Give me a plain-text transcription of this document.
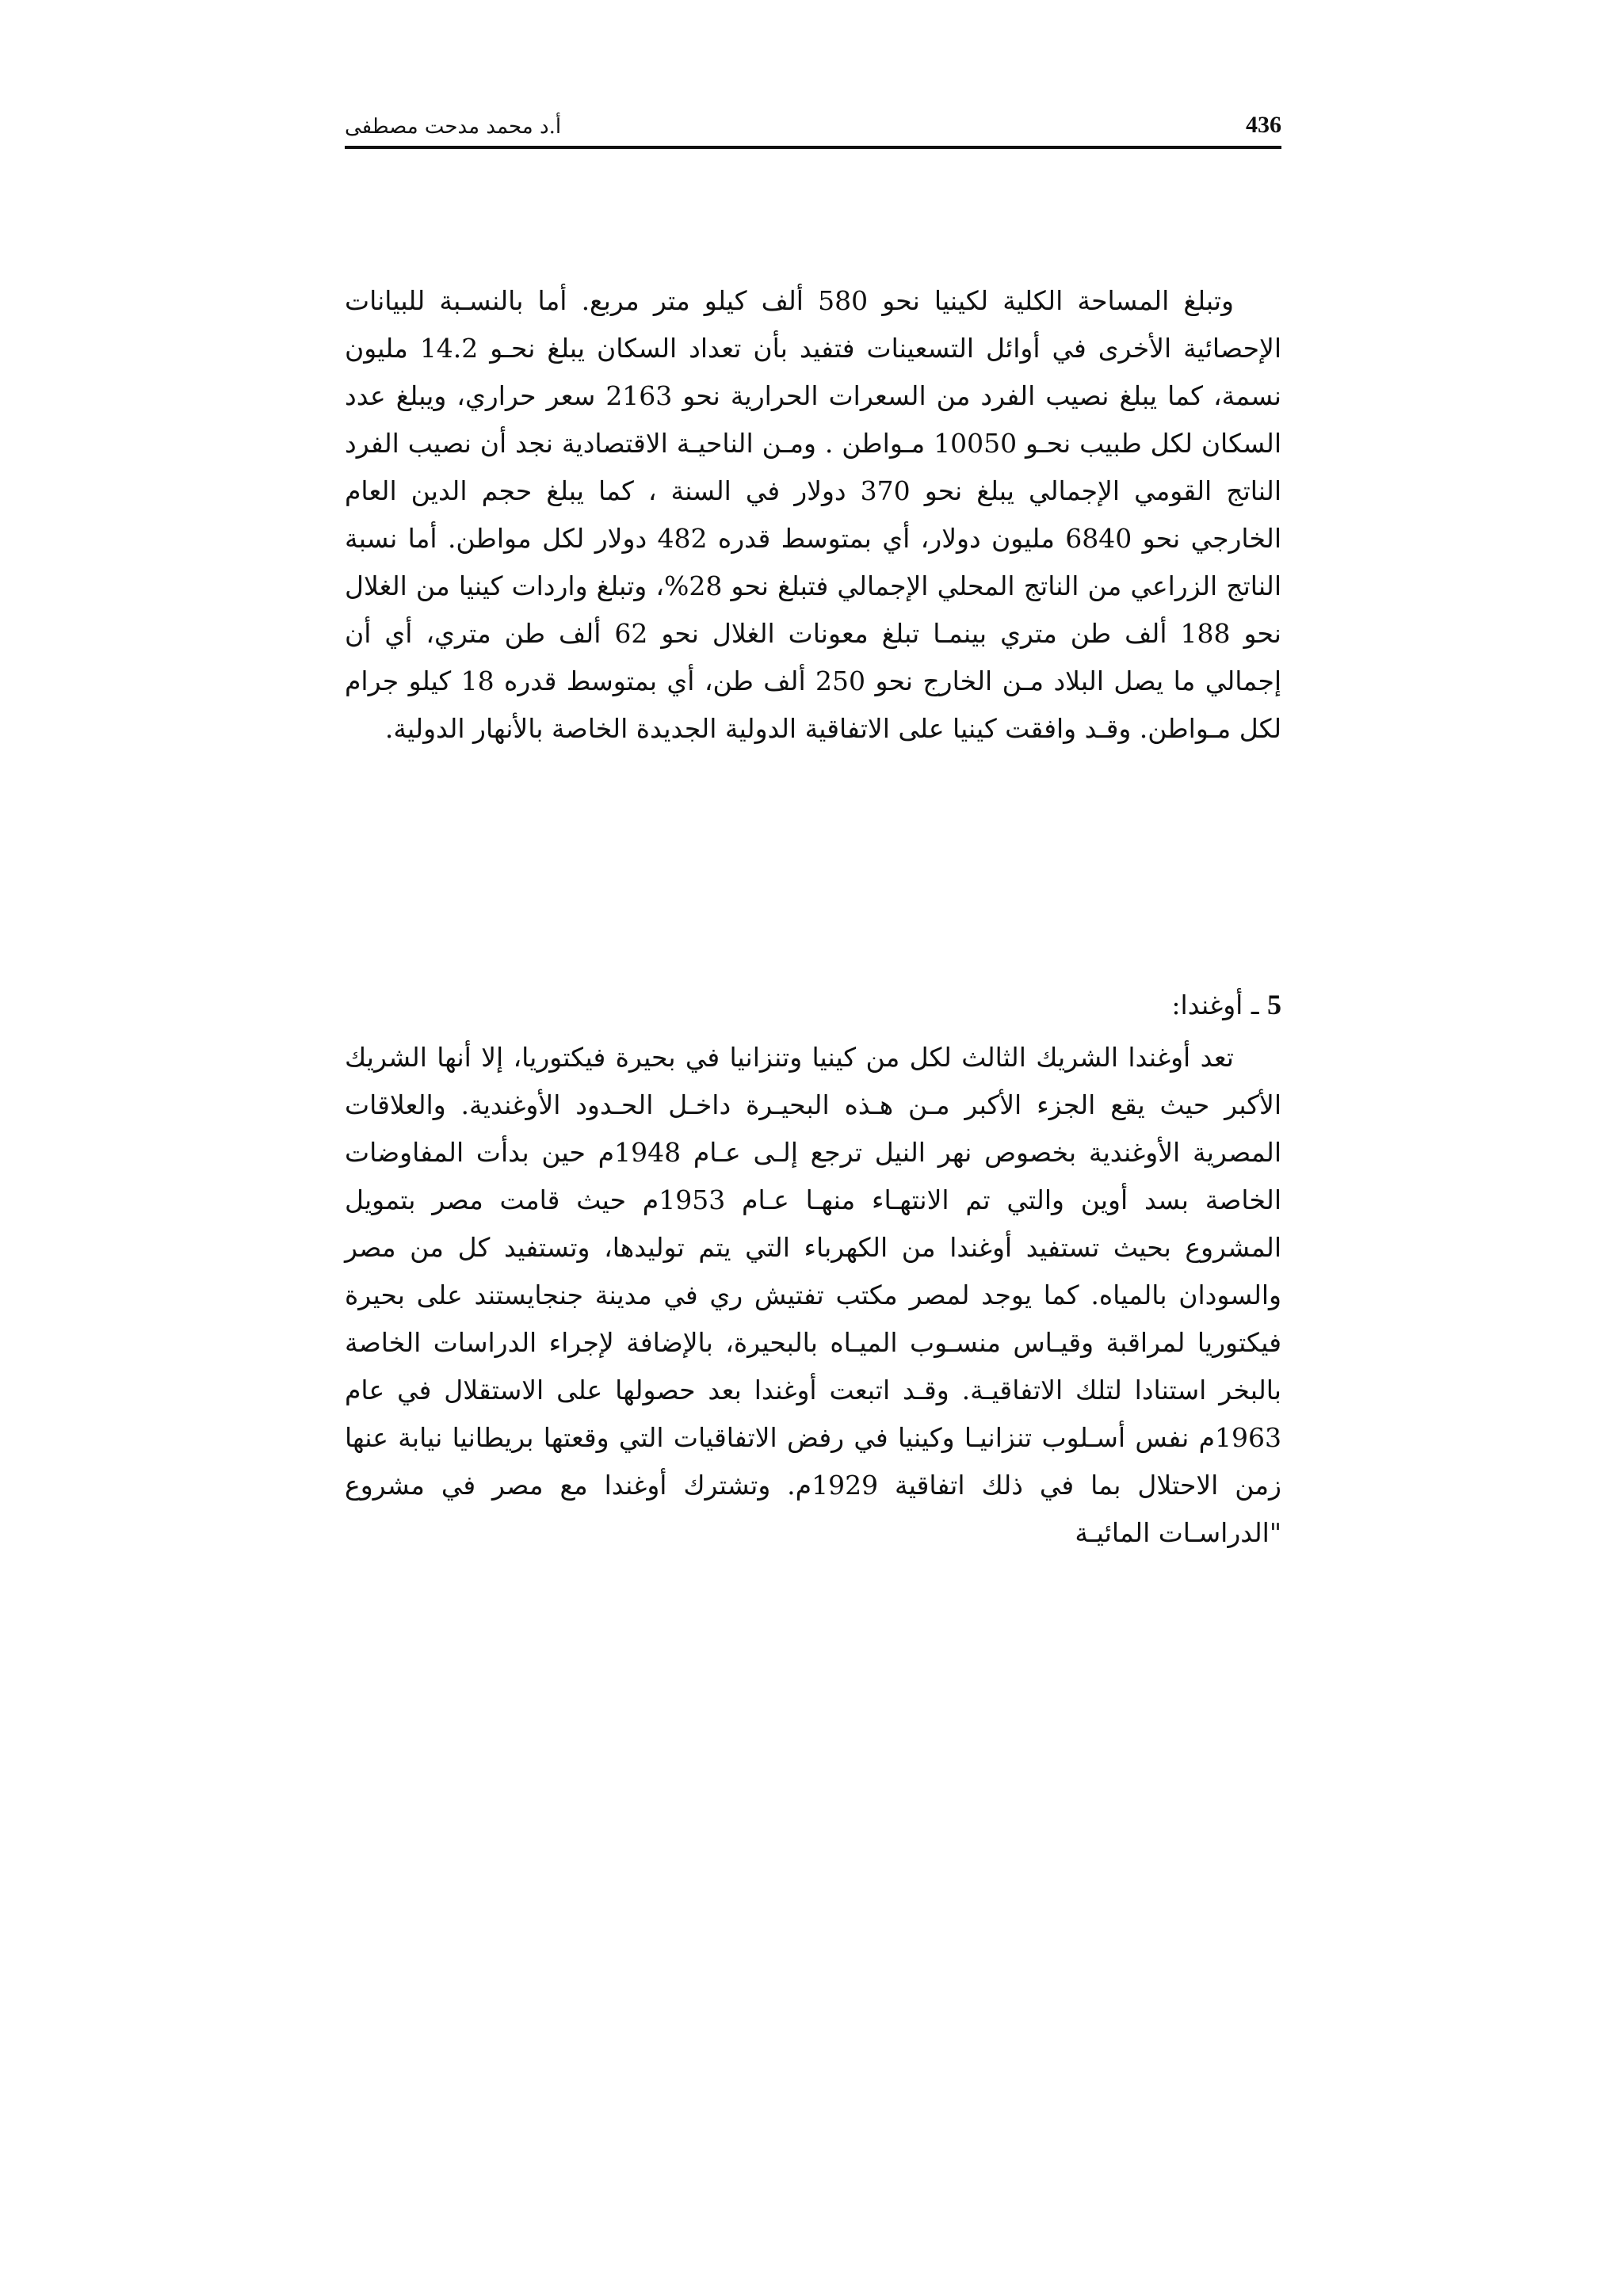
436
أ.د محمد مدحت مصطفى

وتبلغ المساحة الكلية لكينيا نحو 580 ألف كيلو متر مربع. أما بالنسـبة للبيانات الإحصائية الأخرى في أوائل التسعينات فتفيد بأن تعداد السكان يبلغ نحـو 14.2 مليون نسمة، كما يبلغ نصيب الفرد من السعرات الحرارية نحو 2163 سعر حراري، ويبلغ عدد السكان لكل طبيب نحـو 10050 مـواطن . ومـن الناحيـة الاقتصادية نجد أن نصيب الفرد الناتج القومي الإجمالي يبلغ نحو 370 دولار في السنة ، كما يبلغ حجم الدين العام الخارجي نحو 6840 مليون دولار، أي بمتوسط قدره 482 دولار لكل مواطن. أما نسبة الناتج الزراعي من الناتج المحلي الإجمالي فتبلغ نحو 28%، وتبلغ واردات كينيا من الغلال نحو 188 ألف طن متري بينمـا تبلغ معونات الغلال نحو 62 ألف طن متري، أي أن إجمالي ما يصل البلاد مـن الخارج نحو 250 ألف طن، أي بمتوسط قدره 18 كيلو جرام لكل مـواطن. وقـد وافقت كينيا على الاتفاقية الدولية الجديدة الخاصة بالأنهار الدولية.

5 ـ أوغندا:

تعد أوغندا الشريك الثالث لكل من كينيا وتنزانيا في بحيرة فيكتوريا، إلا أنها الشريك الأكبر حيث يقع الجزء الأكبر مـن هـذه البحيـرة داخـل الحـدود الأوغندية. والعلاقات المصرية الأوغندية بخصوص نهر النيل ترجع إلـى عـام 1948م حين بدأت المفاوضات الخاصة بسد أوين والتي تم الانتهـاء منهـا عـام 1953م حيث قامت مصر بتمويل المشروع بحيث تستفيد أوغندا من الكهرباء التي يتم توليدها، وتستفيد كل من مصر والسودان بالمياه. كما يوجد لمصر مكتب تفتيش ري في مدينة جنجايستند على بحيرة فيكتوريا لمراقبة وقيـاس منسـوب الميـاه بالبحيرة، بالإضافة لإجراء الدراسات الخاصة بالبخر استنادا لتلك الاتفاقيـة. وقـد اتبعت أوغندا بعد حصولها على الاستقلال في عام 1963م نفس أسـلوب تنزانيـا وكينيا في رفض الاتفاقيات التي وقعتها بريطانيا نيابة عنها زمن الاحتلال بما في ذلك اتفاقية 1929م. وتشترك أوغندا مع مصر في مشروع "الدراسـات المائيـة
